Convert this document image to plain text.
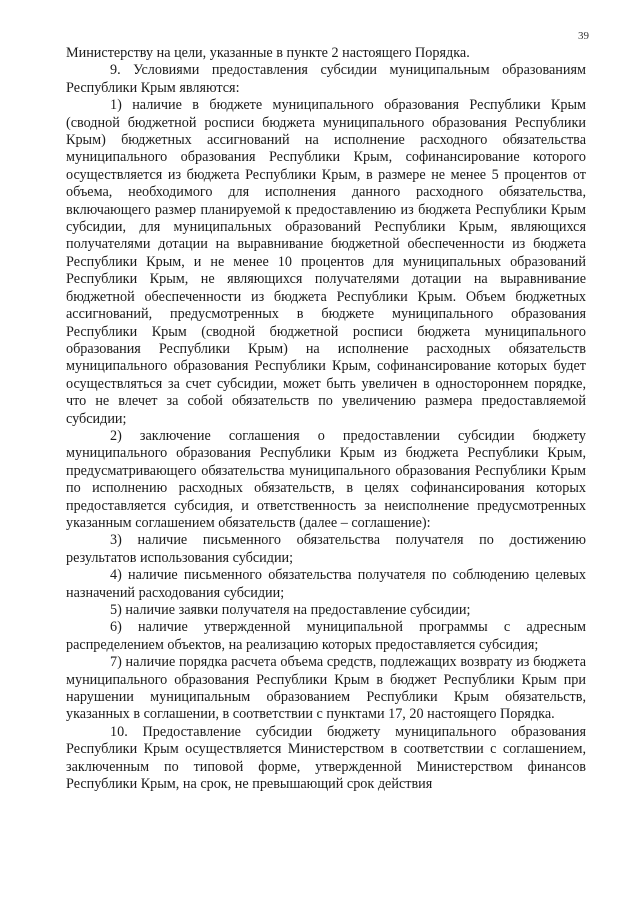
39

Министерству на цели, указанные в пункте 2 настоящего Порядка.

9. Условиями предоставления субсидии муниципальным образованиям Республики Крым являются:

1) наличие в бюджете муниципального образования Республики Крым (сводной бюджетной росписи бюджета муниципального образования Республики Крым) бюджетных ассигнований на исполнение расходного обязательства муниципального образования Республики Крым, софинансирование которого осуществляется из бюджета Республики Крым, в размере не менее 5 процентов от объема, необходимого для исполнения данного расходного обязательства, включающего размер планируемой к предоставлению из бюджета Республики Крым субсидии, для муниципальных образований Республики Крым, являющихся получателями дотации на выравнивание бюджетной обеспеченности из бюджета Республики Крым, и не менее 10 процентов для муниципальных образований Республики Крым, не являющихся получателями дотации на выравнивание бюджетной обеспеченности из бюджета Республики Крым. Объем бюджетных ассигнований, предусмотренных в бюджете муниципального образования Республики Крым (сводной бюджетной росписи бюджета муниципального образования Республики Крым) на исполнение расходных обязательств муниципального образования Республики Крым, софинансирование которых будет осуществляться за счет субсидии, может быть увеличен в одностороннем порядке, что не влечет за собой обязательств по увеличению размера предоставляемой субсидии;

2) заключение соглашения о предоставлении субсидии бюджету муниципального образования Республики Крым из бюджета Республики Крым, предусматривающего обязательства муниципального образования Республики Крым по исполнению расходных обязательств, в целях софинансирования которых предоставляется субсидия, и ответственность за неисполнение предусмотренных указанным соглашением обязательств (далее – соглашение):

3) наличие письменного обязательства получателя по достижению результатов использования субсидии;

4) наличие письменного обязательства получателя по соблюдению целевых назначений расходования субсидии;

5) наличие заявки получателя на предоставление субсидии;

6) наличие утвержденной муниципальной программы с адресным распределением объектов, на реализацию которых предоставляется субсидия;

7) наличие порядка расчета объема средств, подлежащих возврату из бюджета муниципального образования Республики Крым в бюджет Республики Крым при нарушении муниципальным образованием Республики Крым обязательств, указанных в соглашении, в соответствии с пунктами 17, 20 настоящего Порядка.

10. Предоставление субсидии бюджету муниципального образования Республики Крым осуществляется Министерством в соответствии с соглашением, заключенным по типовой форме, утвержденной Министерством финансов Республики Крым, на срок, не превышающий срок действия
